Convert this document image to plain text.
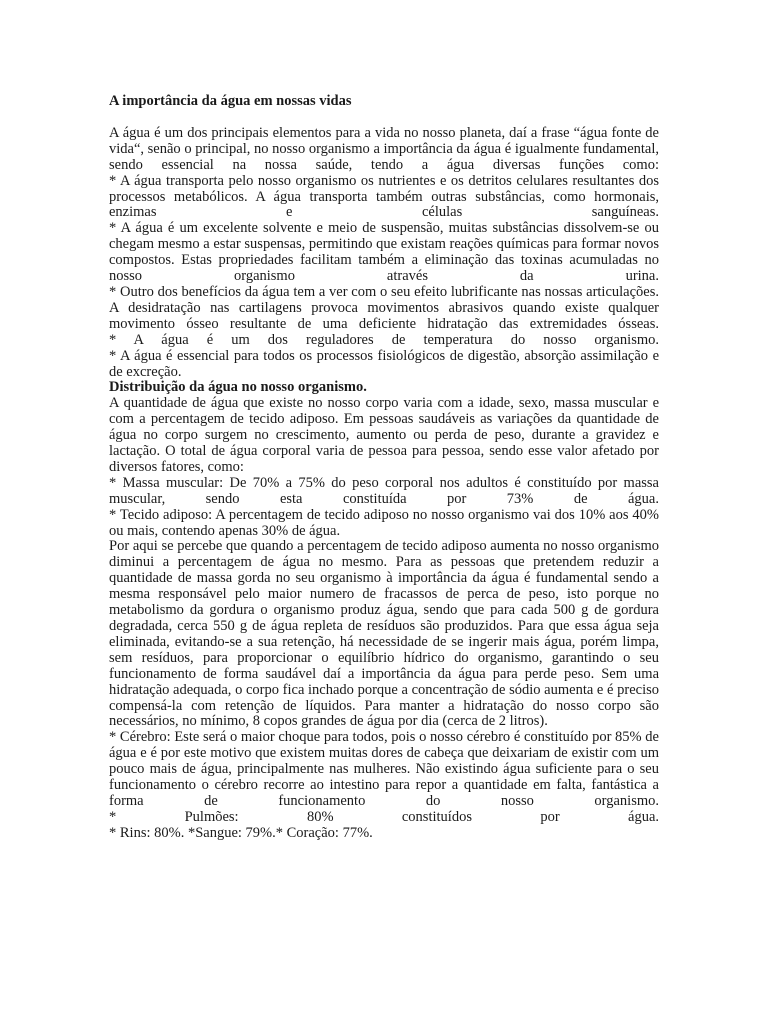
A importância da água em nossas vidas

A água é um dos principais elementos para a vida no nosso planeta, daí a frase “água fonte de vida“, senão o principal, no nosso organismo a importância da água é igualmente fundamental, sendo essencial na nossa saúde, tendo a água diversas funções como:

* A água transporta pelo nosso organismo os nutrientes e os detritos celulares resultantes dos processos metabólicos. A água transporta também outras substâncias, como hormonais, enzimas e células sanguíneas.

* A água é um excelente solvente e meio de suspensão, muitas substâncias dissolvem-se ou chegam mesmo a estar suspensas, permitindo que existam reações químicas para formar novos compostos. Estas propriedades facilitam também a eliminação das toxinas acumuladas no nosso organismo através da urina.

* Outro dos benefícios da água tem a ver com o seu efeito lubrificante nas nossas articulações. A desidratação nas cartilagens provoca movimentos abrasivos quando existe qualquer movimento ósseo resultante de uma deficiente hidratação das extremidades ósseas.

* A água é um dos reguladores de temperatura do nosso organismo.

* A água é essencial para todos os processos fisiológicos de digestão, absorção assimilação e de excreção.

Distribuição da água no nosso organismo.

A quantidade de água que existe no nosso corpo varia com a idade, sexo, massa muscular e com a percentagem de tecido adiposo. Em pessoas saudáveis as variações da quantidade de água no corpo surgem no crescimento, aumento ou perda de peso, durante a gravidez e lactação. O total de água corporal varia de pessoa para pessoa, sendo esse valor afetado por diversos fatores, como:

* Massa muscular: De 70% a 75% do peso corporal nos adultos é constituído por massa muscular, sendo esta constituída por 73% de água.

* Tecido adiposo: A percentagem de tecido adiposo no nosso organismo vai dos 10% aos 40% ou mais, contendo apenas 30% de água.

Por aqui se percebe que quando a percentagem de tecido adiposo aumenta no nosso organismo diminui a percentagem de água no mesmo. Para as pessoas que pretendem reduzir a quantidade de massa gorda no seu organismo à importância da água é fundamental sendo a mesma responsável pelo maior numero de fracassos de perca de peso, isto porque no metabolismo da gordura o organismo produz água, sendo que para cada 500 g de gordura degradada, cerca 550 g de água repleta de resíduos são produzidos. Para que essa água seja eliminada, evitando-se a sua retenção, há necessidade de se ingerir mais água, porém limpa, sem resíduos, para proporcionar o equilíbrio hídrico do organismo, garantindo o seu funcionamento de forma saudável daí a importância da água para perde peso. Sem uma hidratação adequada, o corpo fica inchado porque a concentração de sódio aumenta e é preciso compensá-la com retenção de líquidos. Para manter a hidratação do nosso corpo são necessários, no mínimo, 8 copos grandes de água por dia (cerca de 2 litros).

* Cérebro: Este será o maior choque para todos, pois o nosso cérebro é constituído por 85% de água e é por este motivo que existem muitas dores de cabeça que deixariam de existir com um pouco mais de água, principalmente nas mulheres. Não existindo água suficiente para o seu funcionamento o cérebro recorre ao intestino para repor a quantidade em falta, fantástica a forma de funcionamento do nosso organismo.

* Pulmões: 80% constituídos por água.

* Rins: 80%. *Sangue: 79%.* Coração: 77%.
